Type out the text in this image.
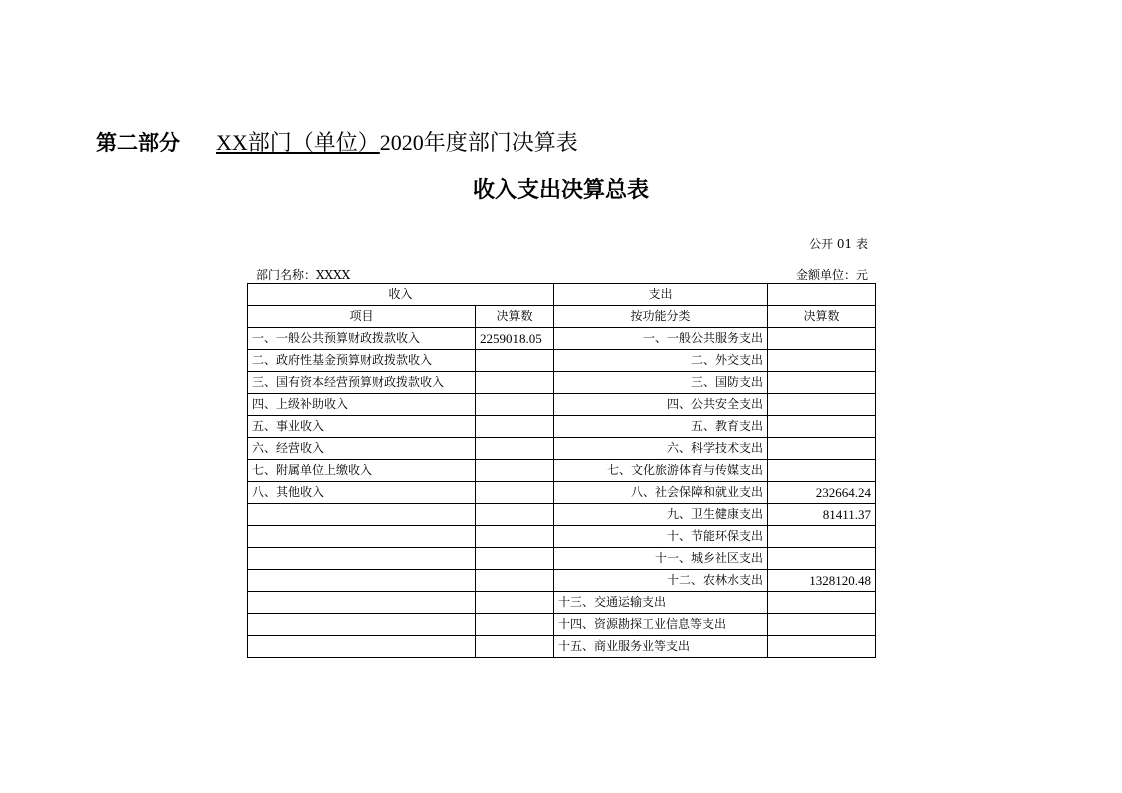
第二部分 XX部门（单位）2020年度部门决算表
收入支出决算总表
公开 01 表
部门名称：XXXX	金额单位：元
收入		支出	
项目	决算数	按功能分类	决算数
一、一般公共预算财政拨款收入	2259018.05	一、一般公共服务支出	
二、政府性基金预算财政拨款收入		二、外交支出	
三、国有资本经营预算财政拨款收入		三、国防支出	
四、上级补助收入		四、公共安全支出	
五、事业收入		五、教育支出	
六、经营收入		六、科学技术支出	
七、附属单位上缴收入		七、文化旅游体育与传媒支出	
八、其他收入		八、社会保障和就业支出	232664.24
		九、卫生健康支出	81411.37
		十、节能环保支出	
		十一、城乡社区支出	
		十二、农林水支出	1328120.48
		十三、交通运输支出	
		十四、资源勘探工业信息等支出	
		十五、商业服务业等支出	
